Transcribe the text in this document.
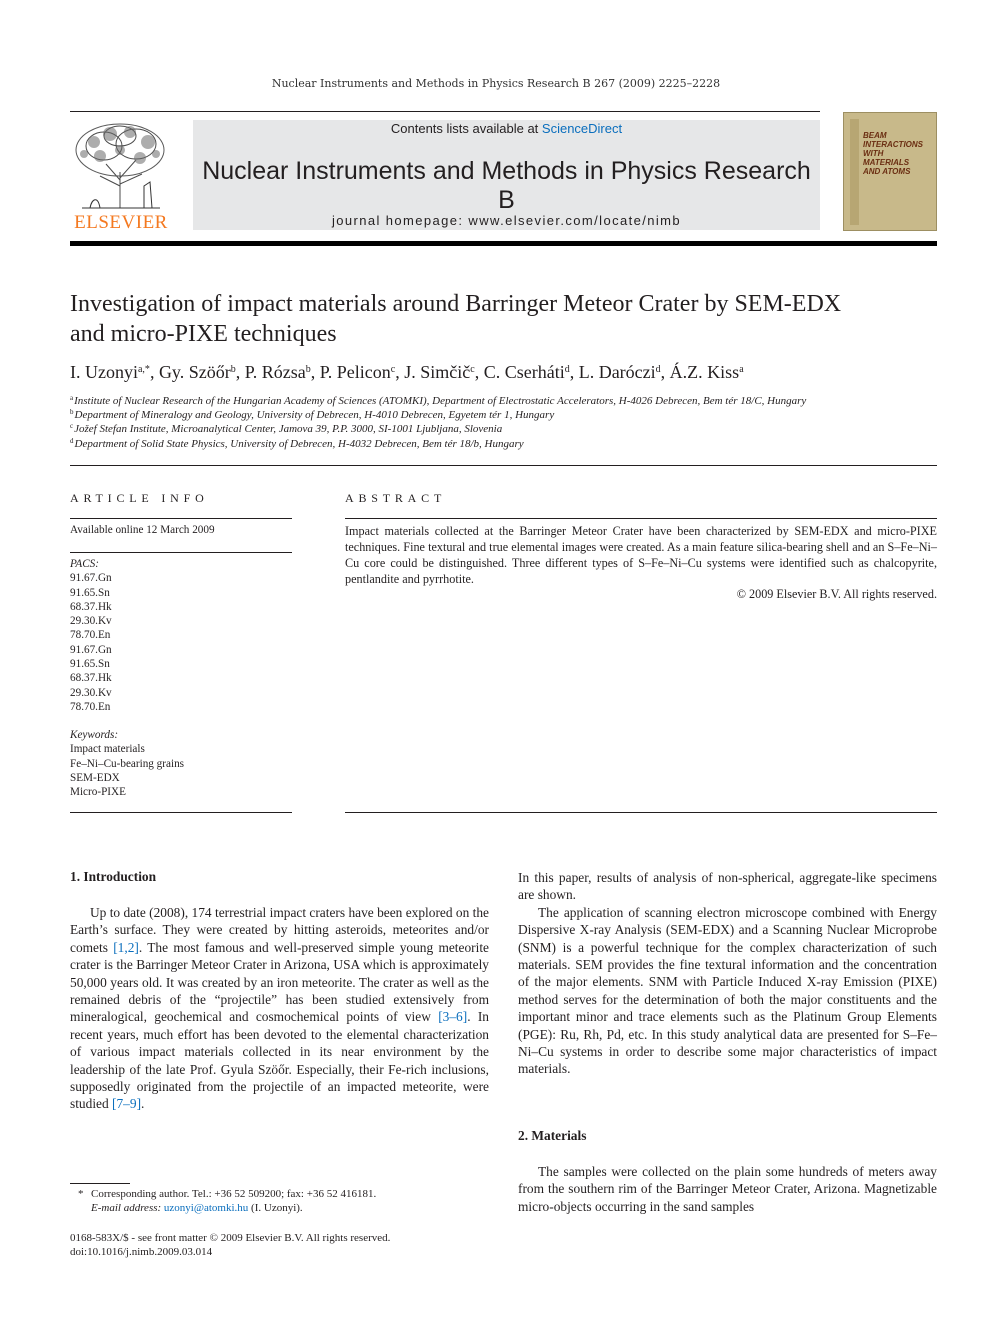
Nuclear Instruments and Methods in Physics Research B 267 (2009) 2225–2228
ELSEVIER
Contents lists available at ScienceDirect
Nuclear Instruments and Methods in Physics Research B
journal homepage: www.elsevier.com/locate/nimb
BEAM
INTERACTIONS
WITH
MATERIALS
AND ATOMS
Investigation of impact materials around Barringer Meteor Crater by SEM-EDX
and micro-PIXE techniques
I. Uzonyi$^{a,*}$, Gy. Szöőr$^b$, P. Rózsa$^b$, P. Pelicon$^c$, J. Simčič$^c$, C. Cserháti$^d$, L. Daróczi$^d$, Á.Z. Kiss$^a$
$^a$Institute of Nuclear Research of the Hungarian Academy of Sciences (ATOMKI), Department of Electrostatic Accelerators, H-4026 Debrecen, Bem tér 18/C, Hungary
$^b$Department of Mineralogy and Geology, University of Debrecen, H-4010 Debrecen, Egyetem tér 1, Hungary
$^c$Jožef Stefan Institute, Microanalytical Center, Jamova 39, P.P. 3000, SI-1001 Ljubljana, Slovenia
$^d$Department of Solid State Physics, University of Debrecen, H-4032 Debrecen, Bem tér 18/b, Hungary
ARTICLE INFO
Available online 12 March 2009
PACS:
91.67.Gn
91.65.Sn
68.37.Hk
29.30.Kv
78.70.En
91.67.Gn
91.65.Sn
68.37.Hk
29.30.Kv
78.70.En
Keywords:
Impact materials
Fe–Ni–Cu-bearing grains
SEM-EDX
Micro-PIXE
ABSTRACT
Impact materials collected at the Barringer Meteor Crater have been characterized by SEM-EDX and micro-PIXE techniques. Fine textural and true elemental images were created. As a main feature silica-bearing shell and an S–Fe–Ni–Cu core could be distinguished. Three different types of S–Fe–Ni–Cu systems were identified such as chalcopyrite, pentlandite and pyrrhotite.
© 2009 Elsevier B.V. All rights reserved.
1. Introduction

Up to date (2008), 174 terrestrial impact craters have been explored on the Earth’s surface. They were created by hitting asteroids, meteorites and/or comets [1,2]. The most famous and well-preserved simple young meteorite crater is the Barringer Meteor Crater in Arizona, USA which is approximately 50,000 years old. It was created by an iron meteorite. The crater as well as the remained debris of the “projectile” has been studied extensively from mineralogical, geochemical and cosmochemical points of view [3–6]. In recent years, much effort has been devoted to the elemental characterization of various impact materials collected in its near environment by the leadership of the late Prof. Gyula Szöőr. Especially, their Fe-rich inclusions, supposedly originated from the projectile of an impacted meteorite, were studied [7–9].

In this paper, results of analysis of non-spherical, aggregate-like specimens are shown.

The application of scanning electron microscope combined with Energy Dispersive X-ray Analysis (SEM-EDX) and a Scanning Nuclear Microprobe (SNM) is a powerful technique for the complex characterization of such materials. SEM provides the fine textural information and the concentration of the major elements. SNM with Particle Induced X-ray Emission (PIXE) method serves for the determination of both the major constituents and the important minor and trace elements such as the Platinum Group Elements (PGE): Ru, Rh, Pd, etc. In this study analytical data are presented for S–Fe–Ni–Cu systems in order to describe some major characteristics of impact materials.

2. Materials

The samples were collected on the plain some hundreds of meters away from the southern rim of the Barringer Meteor Crater, Arizona. Magnetizable micro-objects occurring in the sand samples

* Corresponding author. Tel.: +36 52 509200; fax: +36 52 416181.
E-mail address: uzonyi@atomki.hu (I. Uzonyi).
0168-583X/$ - see front matter © 2009 Elsevier B.V. All rights reserved.
doi:10.1016/j.nimb.2009.03.014
